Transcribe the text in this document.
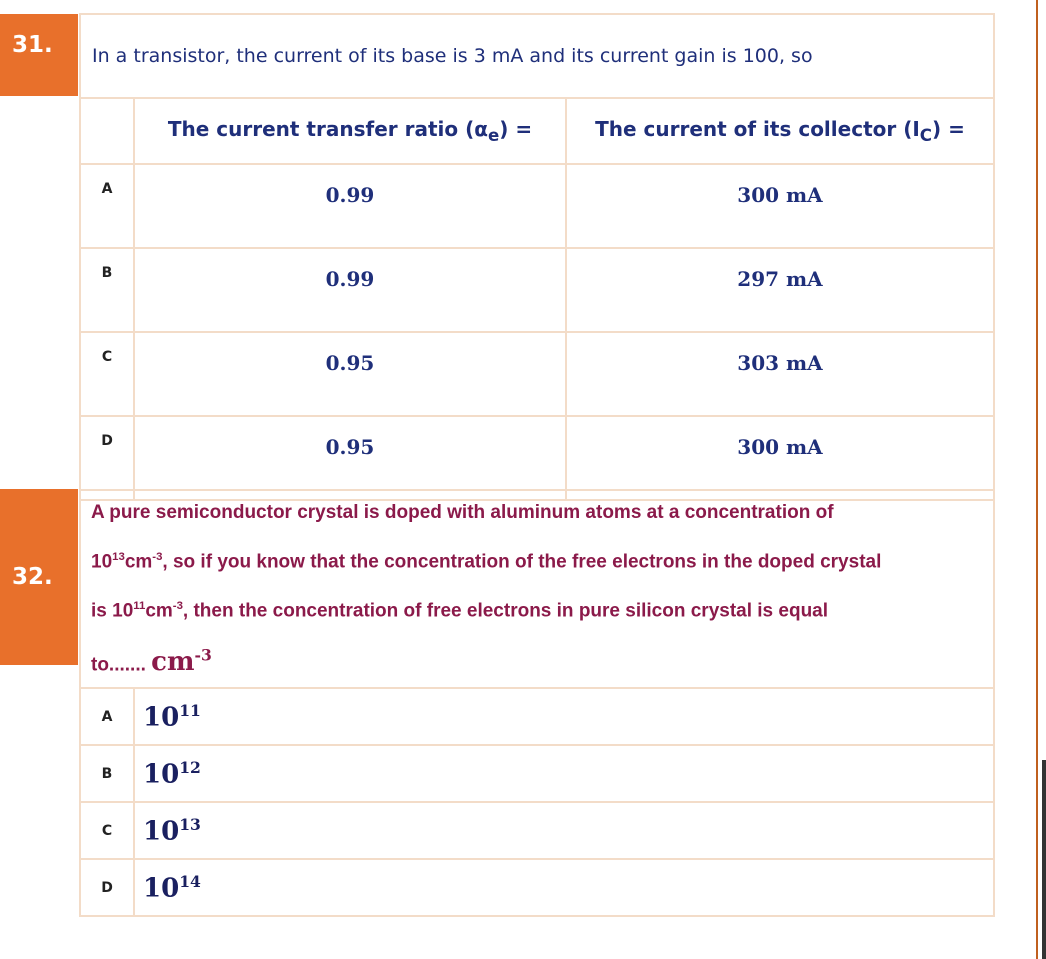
31.	In a transistor, the current of its base is 3 mA and its current gain is 100, so		
	The current transfer ratio $(\alpha_e)$ =	The current of its collector $(I_C)$ =
A	0.99	300 mA
B	0.99	297 mA
C	0.95	303 mA
D	0.95	300 mA
32.
A pure semiconductor crystal is doped with aluminum atoms at a concentration of
$10^{13}cm^{-3}$, so if you know that the concentration of the free electrons in the doped crystal
is $10^{11}cm^{-3}$, then the concentration of free electrons in pure silicon crystal is equal
to....... $cm^{-3}$
A	$10^{11}$
B	$10^{12}$
C	$10^{13}$
D	$10^{14}$
